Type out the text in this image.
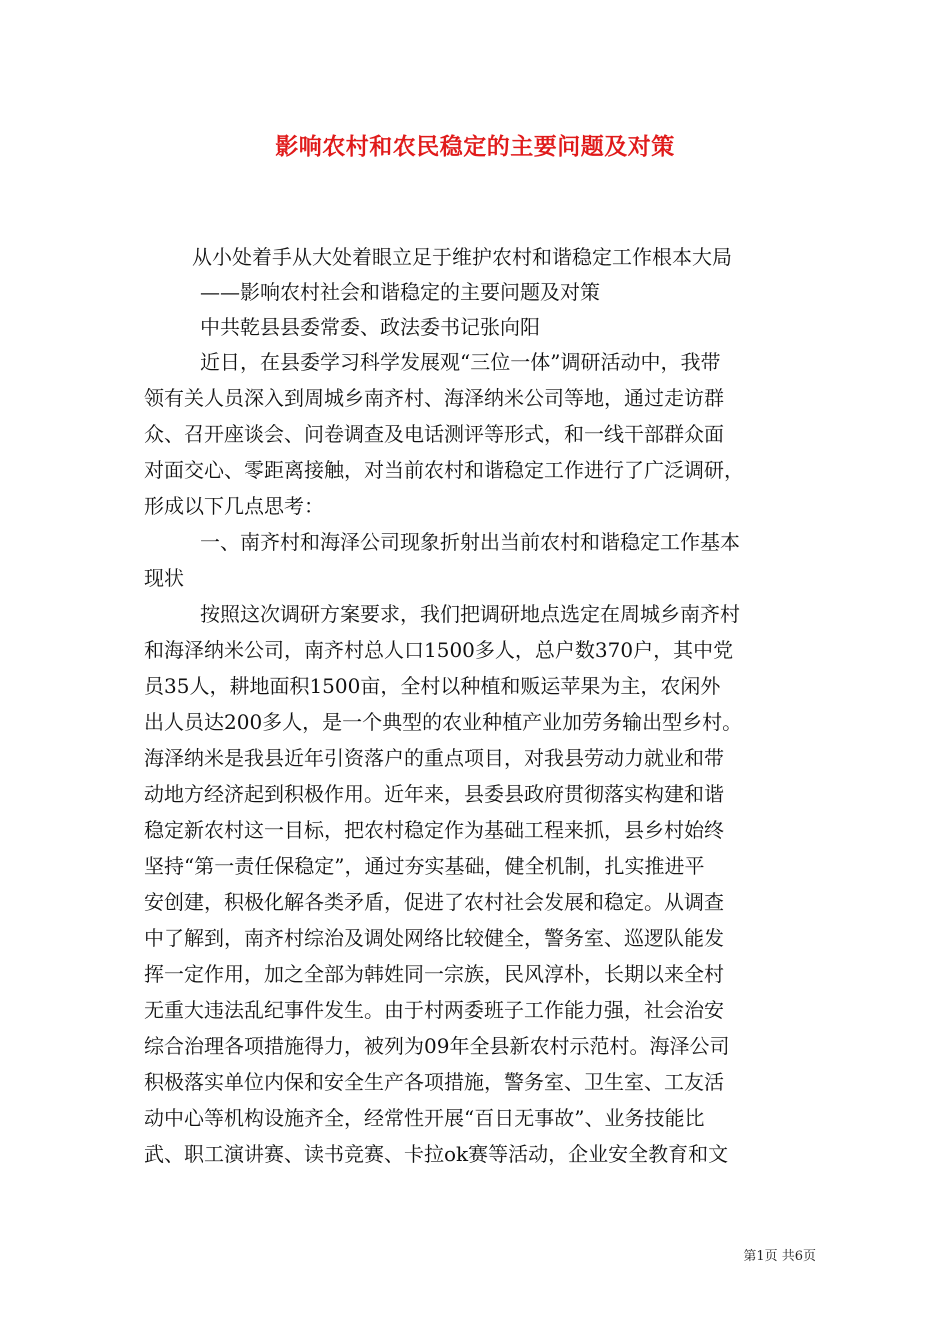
影响农村和农民稳定的主要问题及对策
从小处着手从大处着眼立足于维护农村和谐稳定工作根本大局
——影响农村社会和谐稳定的主要问题及对策
中共乾县县委常委、政法委书记张向阳
近日，在县委学习科学发展观“三位一体”调研活动中，我带
领有关人员深入到周城乡南齐村、海泽纳米公司等地，通过走访群
众、召开座谈会、问卷调查及电话测评等形式，和一线干部群众面
对面交心、零距离接触，对当前农村和谐稳定工作进行了广泛调研，
形成以下几点思考：
一、南齐村和海泽公司现象折射出当前农村和谐稳定工作基本
现状
按照这次调研方案要求，我们把调研地点选定在周城乡南齐村
和海泽纳米公司，南齐村总人口1500多人，总户数370户，其中党
员35人，耕地面积1500亩，全村以种植和贩运苹果为主，农闲外
出人员达200多人，是一个典型的农业种植产业加劳务输出型乡村。
海泽纳米是我县近年引资落户的重点项目，对我县劳动力就业和带
动地方经济起到积极作用。近年来，县委县政府贯彻落实构建和谐
稳定新农村这一目标，把农村稳定作为基础工程来抓，县乡村始终
坚持“第一责任保稳定”，通过夯实基础，健全机制，扎实推进平
安创建，积极化解各类矛盾，促进了农村社会发展和稳定。从调查
中了解到，南齐村综治及调处网络比较健全，警务室、巡逻队能发
挥一定作用，加之全部为韩姓同一宗族，民风淳朴，长期以来全村
无重大违法乱纪事件发生。由于村两委班子工作能力强，社会治安
综合治理各项措施得力，被列为09年全县新农村示范村。海泽公司
积极落实单位内保和安全生产各项措施，警务室、卫生室、工友活
动中心等机构设施齐全，经常性开展“百日无事故”、业务技能比
武、职工演讲赛、读书竞赛、卡拉ok赛等活动，企业安全教育和文
第1页 共6页
